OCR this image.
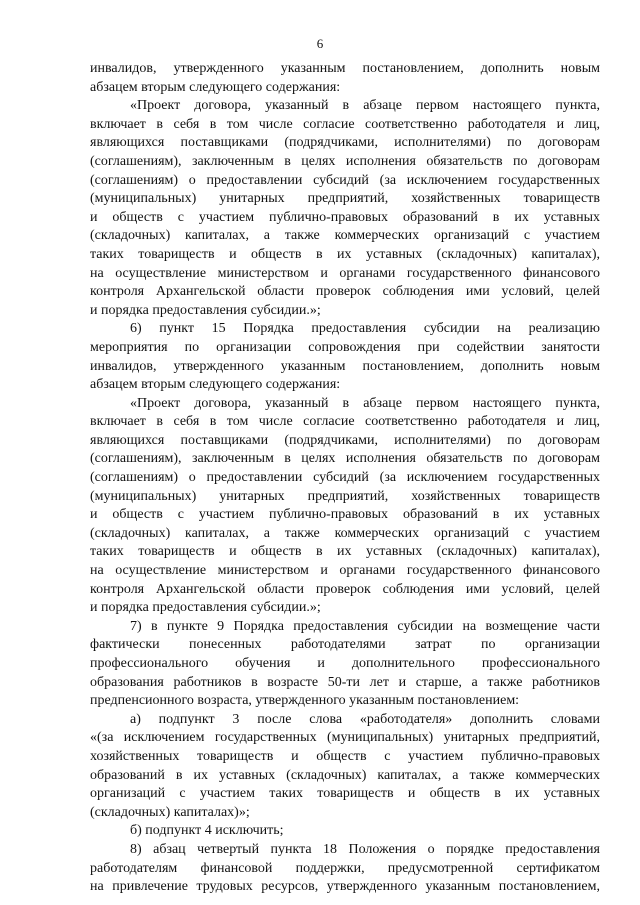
6
инвалидов, утвержденного указанным постановлением, дополнить новым
абзацем вторым следующего содержания:
«Проект договора, указанный в абзаце первом настоящего пункта,
включает в себя в том числе согласие соответственно работодателя и лиц,
являющихся поставщиками (подрядчиками, исполнителями) по договорам
(соглашениям), заключенным в целях исполнения обязательств по договорам
(соглашениям) о предоставлении субсидий (за исключением государственных
(муниципальных) унитарных предприятий, хозяйственных товариществ
и обществ с участием публично-правовых образований в их уставных
(складочных) капиталах, а также коммерческих организаций с участием
таких товариществ и обществ в их уставных (складочных) капиталах),
на осуществление министерством и органами государственного финансового
контроля Архангельской области проверок соблюдения ими условий, целей
и порядка предоставления субсидии.»;
6) пункт 15 Порядка предоставления субсидии на реализацию
мероприятия по организации сопровождения при содействии занятости
инвалидов, утвержденного указанным постановлением, дополнить новым
абзацем вторым следующего содержания:
«Проект договора, указанный в абзаце первом настоящего пункта,
включает в себя в том числе согласие соответственно работодателя и лиц,
являющихся поставщиками (подрядчиками, исполнителями) по договорам
(соглашениям), заключенным в целях исполнения обязательств по договорам
(соглашениям) о предоставлении субсидий (за исключением государственных
(муниципальных) унитарных предприятий, хозяйственных товариществ
и обществ с участием публично-правовых образований в их уставных
(складочных) капиталах, а также коммерческих организаций с участием
таких товариществ и обществ в их уставных (складочных) капиталах),
на осуществление министерством и органами государственного финансового
контроля Архангельской области проверок соблюдения ими условий, целей
и порядка предоставления субсидии.»;
7) в пункте 9 Порядка предоставления субсидии на возмещение части
фактически понесенных работодателями затрат по организации
профессионального обучения и дополнительного профессионального
образования работников в возрасте 50-ти лет и старше, а также работников
предпенсионного возраста, утвержденного указанным постановлением:
а) подпункт 3 после слова «работодателя» дополнить словами
«(за исключением государственных (муниципальных) унитарных предприятий,
хозяйственных товариществ и обществ с участием публично-правовых
образований в их уставных (складочных) капиталах, а также коммерческих
организаций с участием таких товариществ и обществ в их уставных
(складочных) капиталах)»;
б) подпункт 4 исключить;
8) абзац четвертый пункта 18 Положения о порядке предоставления
работодателям финансовой поддержки, предусмотренной сертификатом
на привлечение трудовых ресурсов, утвержденного указанным постановлением,
